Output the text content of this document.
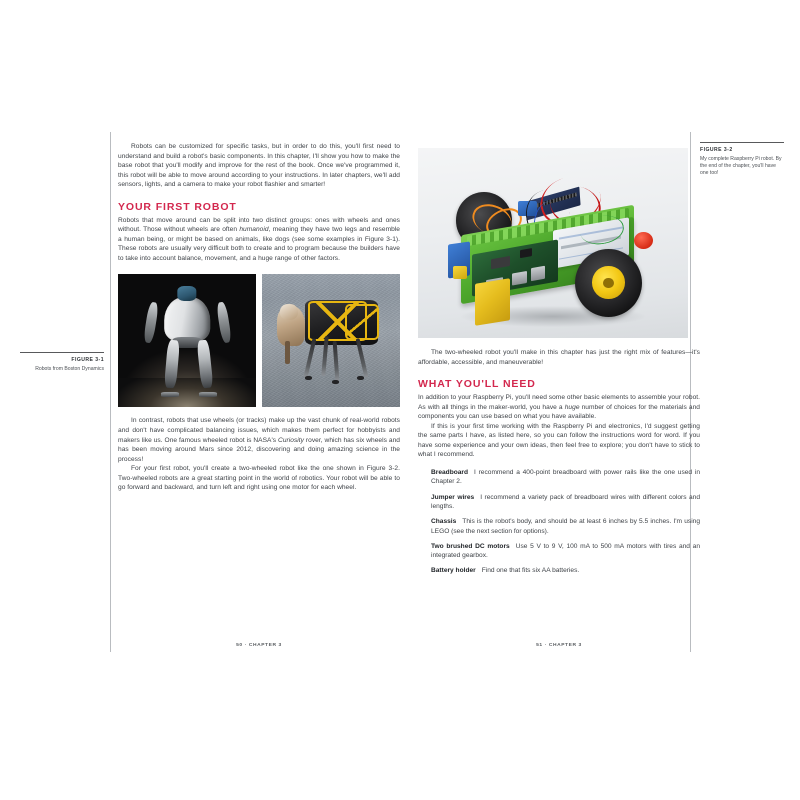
FIGURE 3-1
Robots from Boston Dynamics

Robots can be customized for specific tasks, but in order to do this, you'll first need to understand and build a robot's basic components. In this chapter, I'll show you how to make the base robot that you'll modify and improve for the rest of the book. Once we've programmed it, this robot will be able to move around according to your instructions. In later chapters, we'll add sensors, lights, and a camera to make your robot flashier and smarter!

YOUR FIRST ROBOT

Robots that move around can be split into two distinct groups: ones with wheels and ones without. Those without wheels are often humanoid, meaning they have two legs and resemble a human being, or might be based on animals, like dogs (see some examples in Figure 3-1). These robots are usually very difficult both to create and to program because the builders have to take into account balance, movement, and a huge range of other factors.

In contrast, robots that use wheels (or tracks) make up the vast chunk of real-world robots and don't have complicated balancing issues, which makes them perfect for hobbyists and makers like us. One famous wheeled robot is NASA's Curiosity rover, which has six wheels and has been moving around Mars since 2012, discovering and doing amazing science in the process!

For your first robot, you'll create a two-wheeled robot like the one shown in Figure 3-2. Two-wheeled robots are a great starting point in the world of robotics. Your robot will be able to go forward and backward, and turn left and right using one motor for each wheel.

50 · CHAPTER 3
FIGURE 3-2
My complete Raspberry Pi robot. By the end of the chapter, you'll have one too!

The two-wheeled robot you'll make in this chapter has just the right mix of features—it's affordable, accessible, and maneuverable!

WHAT YOU'LL NEED

In addition to your Raspberry Pi, you'll need some other basic elements to assemble your robot. As with all things in the maker-world, you have a huge number of choices for the materials and components you can use based on what you have available.

If this is your first time working with the Raspberry Pi and electronics, I'd suggest getting the same parts I have, as listed here, so you can follow the instructions word for word. If you have some experience and your own ideas, then feel free to explore; you don't have to stick to what I recommend.

Breadboard I recommend a 400-point breadboard with power rails like the one used in Chapter 2.

Jumper wires I recommend a variety pack of breadboard wires with different colors and lengths.

Chassis This is the robot's body, and should be at least 6 inches by 5.5 inches. I'm using LEGO (see the next section for options).

Two brushed DC motors Use 5 V to 9 V, 100 mA to 500 mA motors with tires and an integrated gearbox.

Battery holder Find one that fits six AA batteries.

51 · CHAPTER 3
